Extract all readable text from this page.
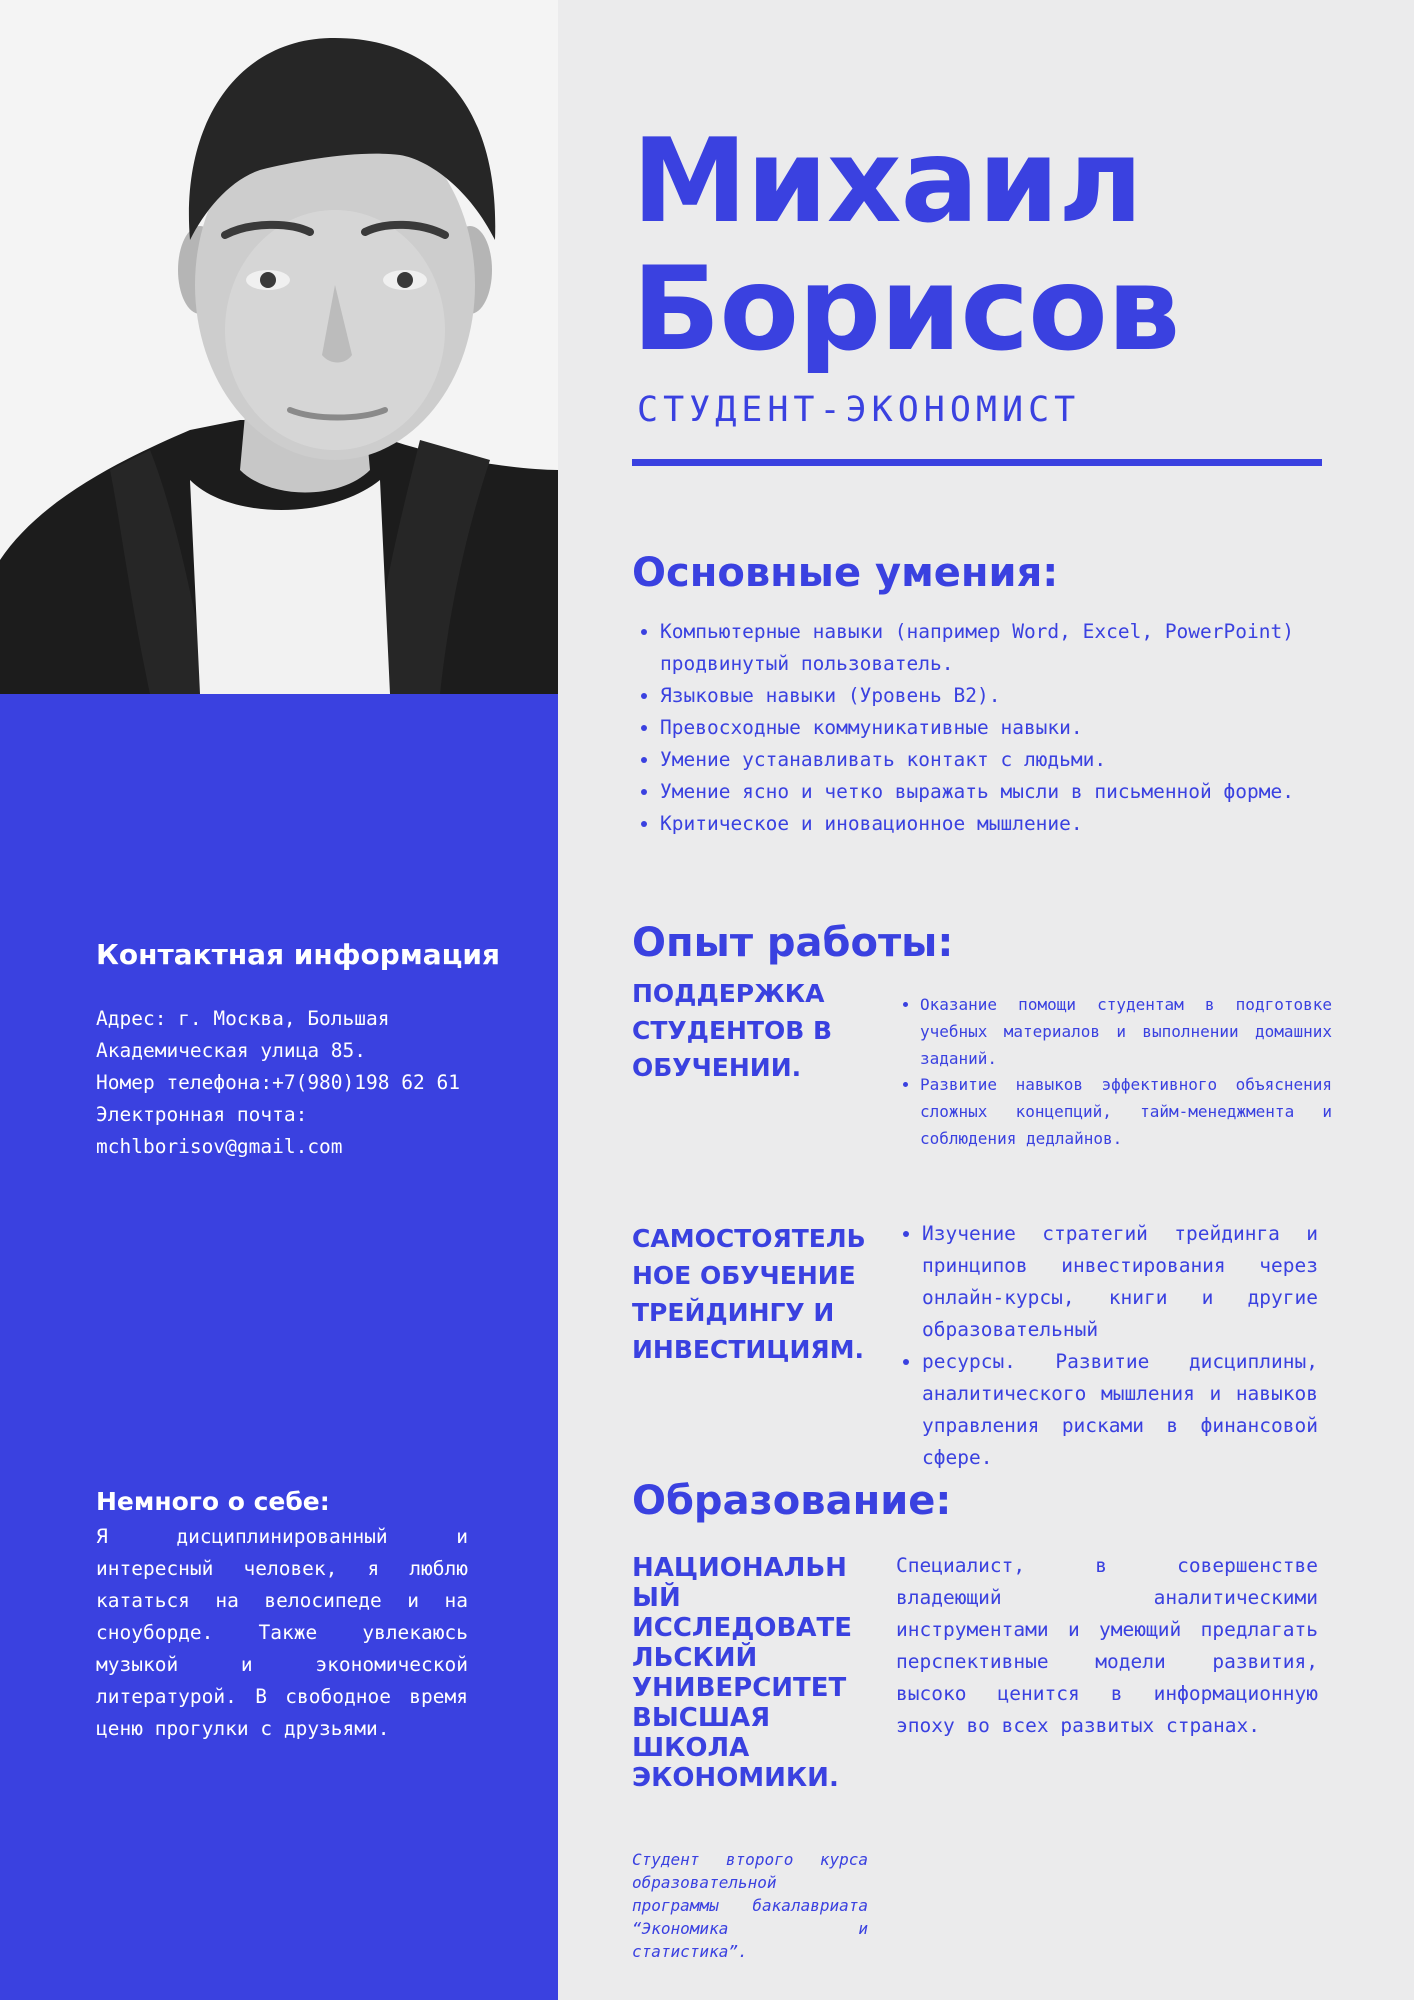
Контактная информация
Адрес: г. Москва, Большая Академическая улица 85.
Номер телефона:+7(980)198 62 61
Электронная почта:
mchlborisov@gmail.com
Немного о себе:

Я дисциплинированный и интересный человек, я люблю кататься на велосипеде и на сноуборде. Также увлекаюсь музыкой и экономической литературой. В свободное время ценю прогулки с друзьями.

Михаил
Борисов
СТУДЕНТ-ЭКОНОМИСТ
Основные умения:
• Компьютерные навыки (например Word, Excel, PowerPoint) продвинутый пользователь.
• Языковые навыки (Уровень В2).
• Превосходные коммуникативные навыки.
• Умение устанавливать контакт с людьми.
• Умение ясно и четко выражать мысли в письменной форме.
• Критическое и иновационное мышление.
Опыт работы:
ПОДДЕРЖКА СТУДЕНТОВ В ОБУЧЕНИИ.
• Оказание помощи студентам в подготовке учебных материалов и выполнении домашних заданий.
• Развитие навыков эффективного объяснения сложных концепций, тайм-менеджмента и соблюдения дедлайнов.
САМОСТОЯТЕЛЬНОЕ ОБУЧЕНИЕ ТРЕЙДИНГУ И ИНВЕСТИЦИЯМ.
• Изучение стратегий трейдинга и принципов инвестирования через онлайн-курсы, книги и другие образовательный
• ресурсы. Развитие дисциплины, аналитического мышления и навыков управления рисками в финансовой сфере.
Образование:
НАЦИОНАЛЬНЫЙ ИССЛЕДОВАТЕЛЬСКИЙ УНИВЕРСИТЕТ ВЫСШАЯ ШКОЛА ЭКОНОМИКИ.

Специалист, в совершенстве владеющий аналитическими инструментами и умеющий предлагать перспективные модели развития, высоко ценится в информационную эпоху во всех развитых странах.

Студент второго курса образовательной программы бакалавриата “Экономика и статистика”.
